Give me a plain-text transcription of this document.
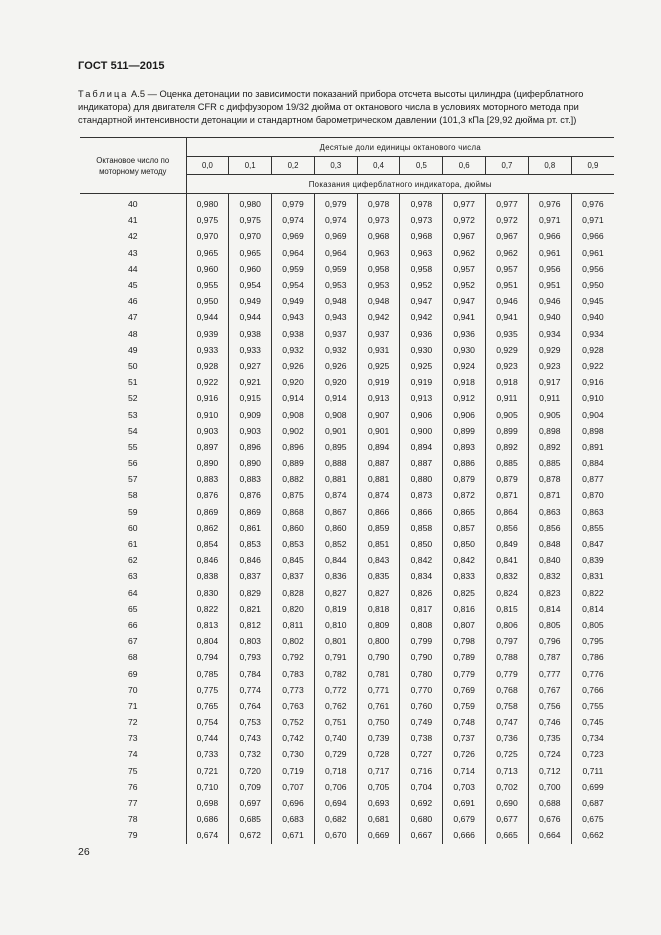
ГОСТ 511—2015
Таблица А.5 — Оценка детонации по зависимости показаний прибора отсчета высоты цилиндра (циферблатного индикатора) для двигателя CFR с диффузором 19/32 дюйма от октанового числа в условиях моторного метода при стандартной интенсивности детонации и стандартном барометрическом давлении (101,3 кПа [29,92 дюйма рт. ст.])
Октановое число по моторному методу	Десятые доли единицы октанового числа									
	0,0	0,1	0,2	0,3	0,4	0,5	0,6	0,7	0,8	0,9
	Показания циферблатного индикатора, дюймы									
40	0,980	0,980	0,979	0,979	0,978	0,978	0,977	0,977	0,976	0,976
41	0,975	0,975	0,974	0,974	0,973	0,973	0,972	0,972	0,971	0,971
42	0,970	0,970	0,969	0,969	0,968	0,968	0,967	0,967	0,966	0,966
43	0,965	0,965	0,964	0,964	0,963	0,963	0,962	0,962	0,961	0,961
44	0,960	0,960	0,959	0,959	0,958	0,958	0,957	0,957	0,956	0,956
45	0,955	0,954	0,954	0,953	0,953	0,952	0,952	0,951	0,951	0,950
46	0,950	0,949	0,949	0,948	0,948	0,947	0,947	0,946	0,946	0,945
47	0,944	0,944	0,943	0,943	0,942	0,942	0,941	0,941	0,940	0,940
48	0,939	0,938	0,938	0,937	0,937	0,936	0,936	0,935	0,934	0,934
49	0,933	0,933	0,932	0,932	0,931	0,930	0,930	0,929	0,929	0,928
50	0,928	0,927	0,926	0,926	0,925	0,925	0,924	0,923	0,923	0,922
51	0,922	0,921	0,920	0,920	0,919	0,919	0,918	0,918	0,917	0,916
52	0,916	0,915	0,914	0,914	0,913	0,913	0,912	0,911	0,911	0,910
53	0,910	0,909	0,908	0,908	0,907	0,906	0,906	0,905	0,905	0,904
54	0,903	0,903	0,902	0,901	0,901	0,900	0,899	0,899	0,898	0,898
55	0,897	0,896	0,896	0,895	0,894	0,894	0,893	0,892	0,892	0,891
56	0,890	0,890	0,889	0,888	0,887	0,887	0,886	0,885	0,885	0,884
57	0,883	0,883	0,882	0,881	0,881	0,880	0,879	0,879	0,878	0,877
58	0,876	0,876	0,875	0,874	0,874	0,873	0,872	0,871	0,871	0,870
59	0,869	0,869	0,868	0,867	0,866	0,866	0,865	0,864	0,863	0,863
60	0,862	0,861	0,860	0,860	0,859	0,858	0,857	0,856	0,856	0,855
61	0,854	0,853	0,853	0,852	0,851	0,850	0,850	0,849	0,848	0,847
62	0,846	0,846	0,845	0,844	0,843	0,842	0,842	0,841	0,840	0,839
63	0,838	0,837	0,837	0,836	0,835	0,834	0,833	0,832	0,832	0,831
64	0,830	0,829	0,828	0,827	0,827	0,826	0,825	0,824	0,823	0,822
65	0,822	0,821	0,820	0,819	0,818	0,817	0,816	0,815	0,814	0,814
66	0,813	0,812	0,811	0,810	0,809	0,808	0,807	0,806	0,805	0,805
67	0,804	0,803	0,802	0,801	0,800	0,799	0,798	0,797	0,796	0,795
68	0,794	0,793	0,792	0,791	0,790	0,790	0,789	0,788	0,787	0,786
69	0,785	0,784	0,783	0,782	0,781	0,780	0,779	0,779	0,777	0,776
70	0,775	0,774	0,773	0,772	0,771	0,770	0,769	0,768	0,767	0,766
71	0,765	0,764	0,763	0,762	0,761	0,760	0,759	0,758	0,756	0,755
72	0,754	0,753	0,752	0,751	0,750	0,749	0,748	0,747	0,746	0,745
73	0,744	0,743	0,742	0,740	0,739	0,738	0,737	0,736	0,735	0,734
74	0,733	0,732	0,730	0,729	0,728	0,727	0,726	0,725	0,724	0,723
75	0,721	0,720	0,719	0,718	0,717	0,716	0,714	0,713	0,712	0,711
76	0,710	0,709	0,707	0,706	0,705	0,704	0,703	0,702	0,700	0,699
77	0,698	0,697	0,696	0,694	0,693	0,692	0,691	0,690	0,688	0,687
78	0,686	0,685	0,683	0,682	0,681	0,680	0,679	0,677	0,676	0,675
79	0,674	0,672	0,671	0,670	0,669	0,667	0,666	0,665	0,664	0,662
26
